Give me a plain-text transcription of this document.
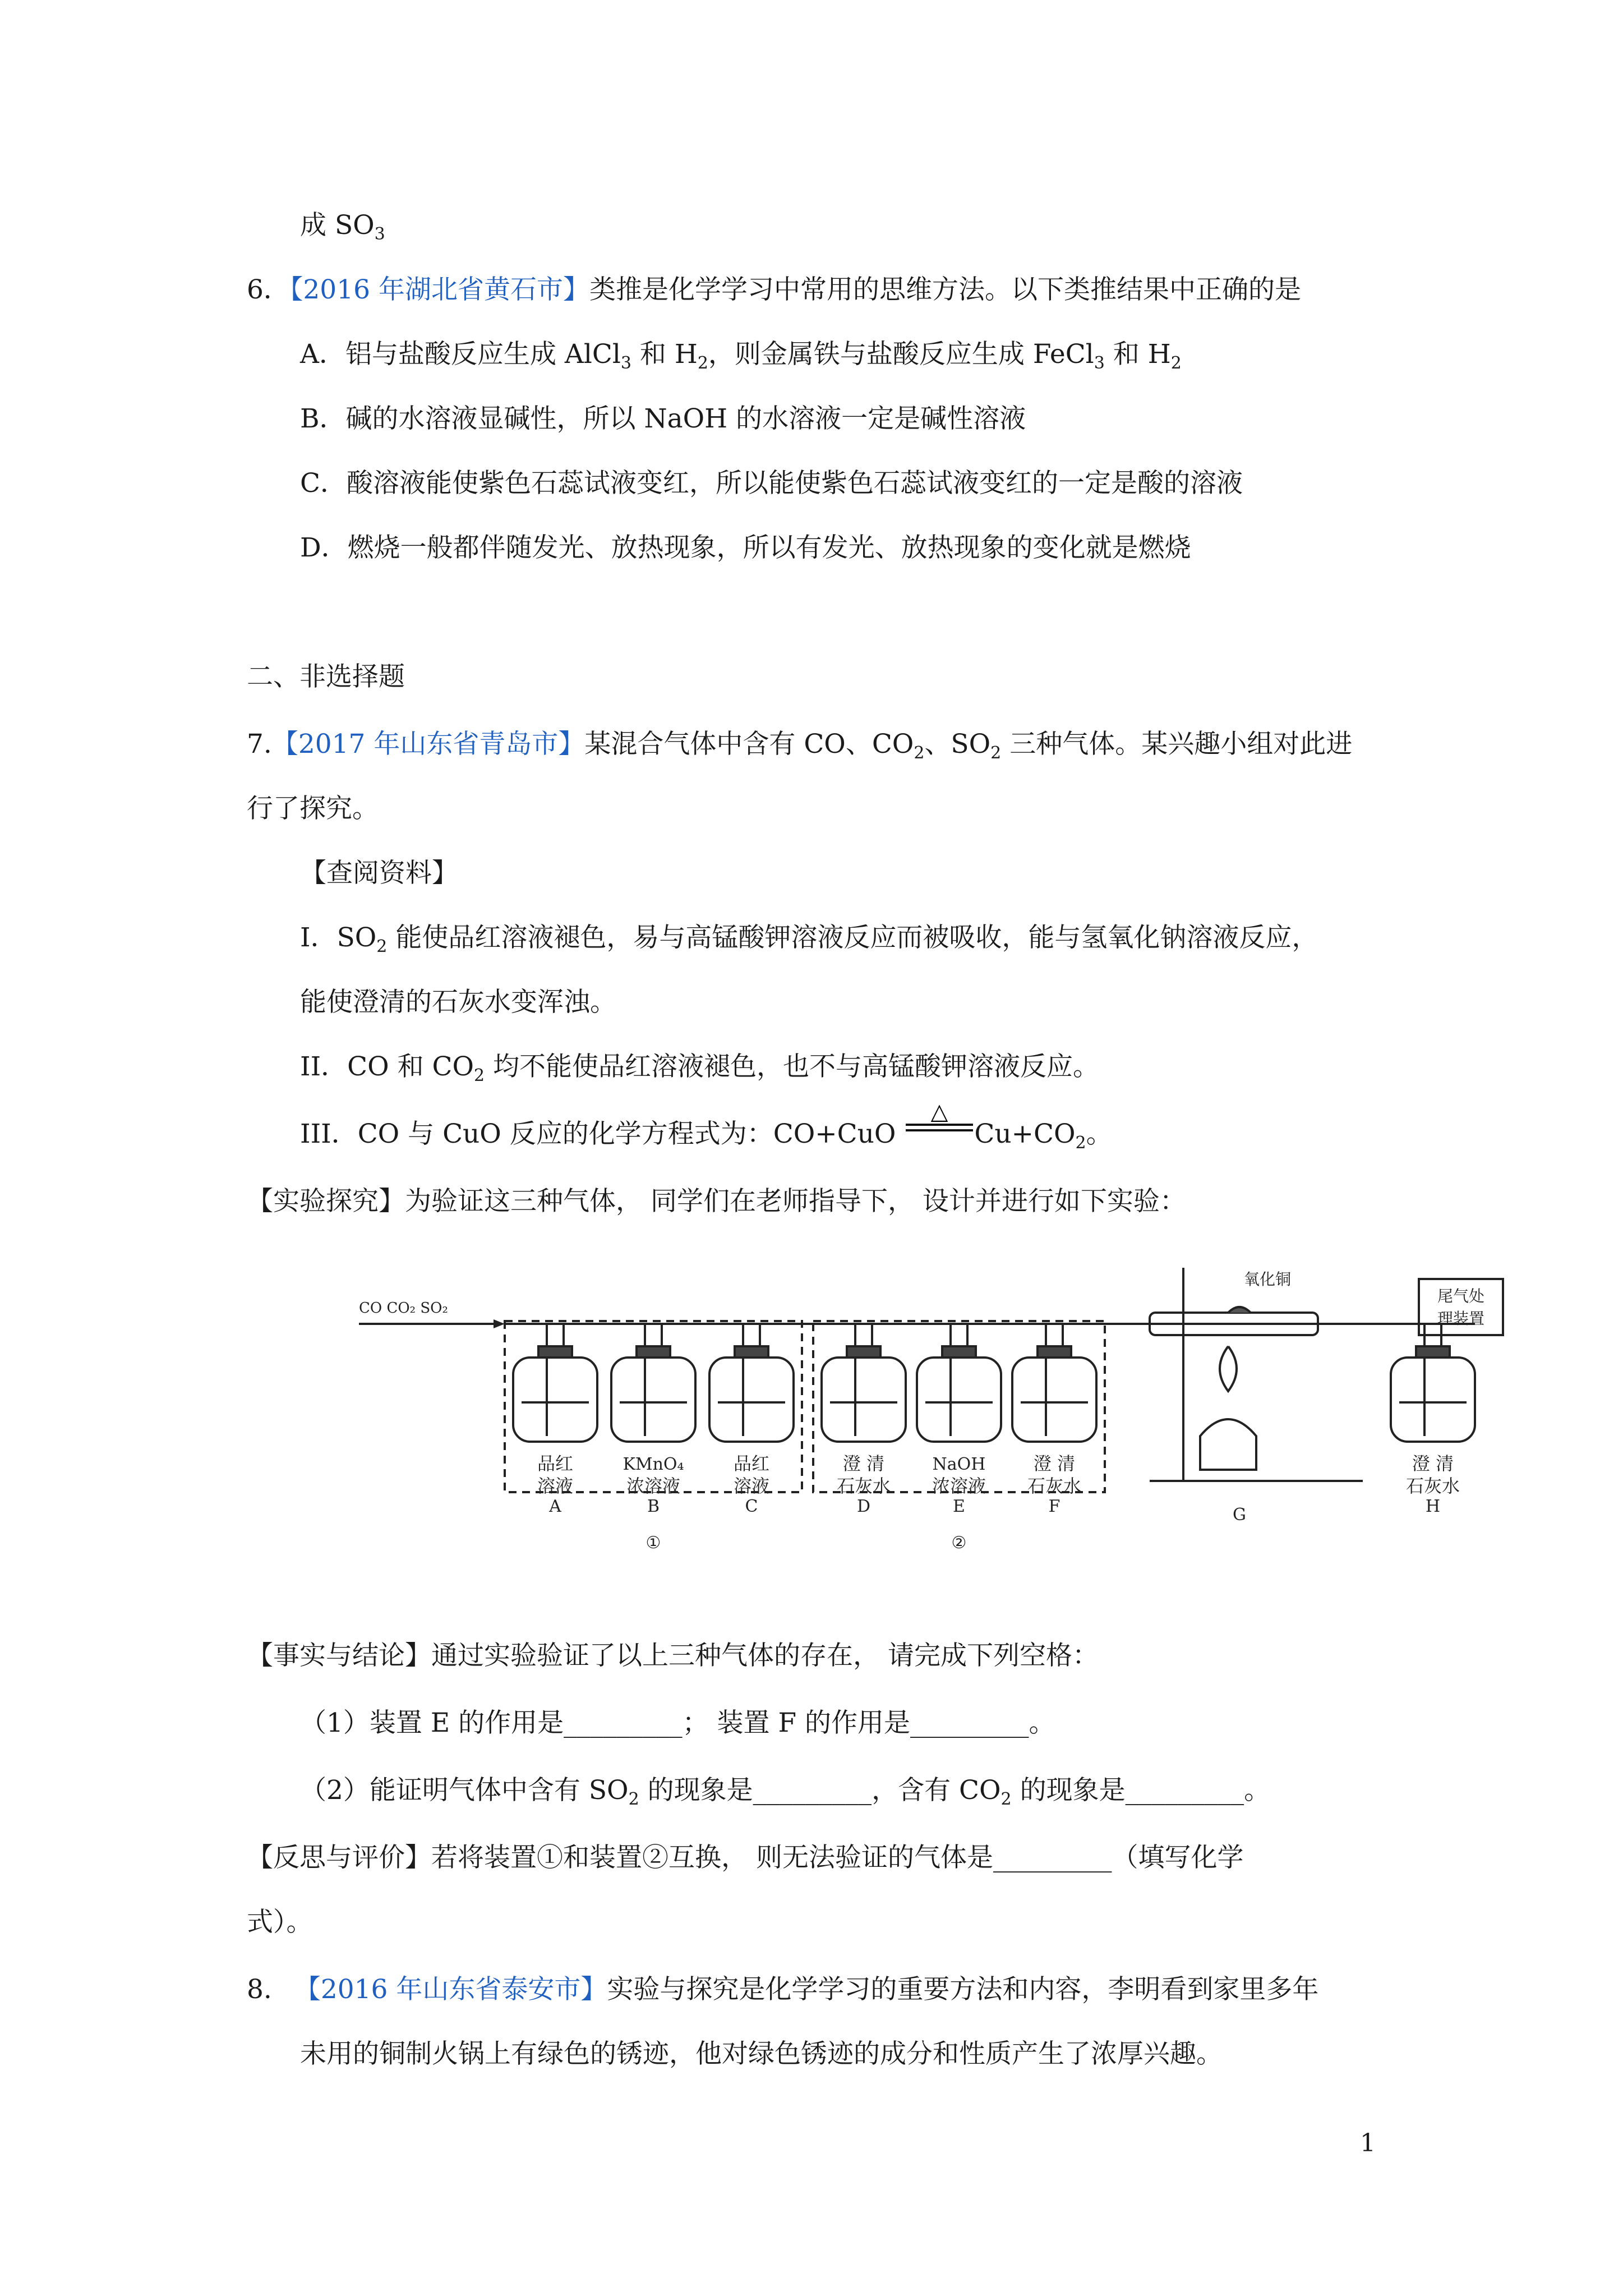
成 $SO_3$
6．【2016 年湖北省黄石市】类推是化学学习中常用的思维方法。以下类推结果中正确的是
A．铝与盐酸反应生成 AlCl$_3$ 和 $H_2$，则金属铁与盐酸反应生成 FeCl$_3$ 和 $H_2$
B．碱的水溶液显碱性，所以 NaOH 的水溶液一定是碱性溶液
C．酸溶液能使紫色石蕊试液变红，所以能使紫色石蕊试液变红的一定是酸的溶液
D．燃烧一般都伴随发光、放热现象，所以有发光、放热现象的变化就是燃烧
二、非选择题
7.【2017 年山东省青岛市】某混合气体中含有 CO、$CO_2$、$SO_2$ 三种气体。某兴趣小组对此进
行了探究。
【查阅资料】
I．$SO_2$ 能使品红溶液褪色，易与高锰酸钾溶液反应而被吸收，能与氢氧化钠溶液反应，
能使澄清的石灰水变浑浊。
II．CO 和 $CO_2$ 均不能使品红溶液褪色，也不与高锰酸钾溶液反应。
△
III．CO 与 CuO 反应的化学方程式为：CO+CuO	$Cu+CO_2$。
【实验探究】为验证这三种气体， 同学们在老师指导下， 设计并进行如下实验：
CO CO₂ SO₂
品红
溶液
A
KMnO₄
浓溶液
B
品红
溶液
C
澄 清
石灰水
D
NaOH
浓溶液
E
澄 清
石灰水
F
①	②
G
氧化铜
尾气处
理装置
澄 清
石灰水
H
【事实与结论】通过实验验证了以上三种气体的存在， 请完成下列空格：
（1）装置 E 的作用是_________； 装置 F 的作用是_________。
（2）能证明气体中含有 $SO_2$ 的现象是_________，含有 $CO_2$ 的现象是_________。
【反思与评价】若将装置①和装置②互换， 则无法验证的气体是_________（填写化学
式）。
8. 【2016 年山东省泰安市】实验与探究是化学学习的重要方法和内容，李明看到家里多年
未用的铜制火锅上有绿色的锈迹，他对绿色锈迹的成分和性质产生了浓厚兴趣。
1
